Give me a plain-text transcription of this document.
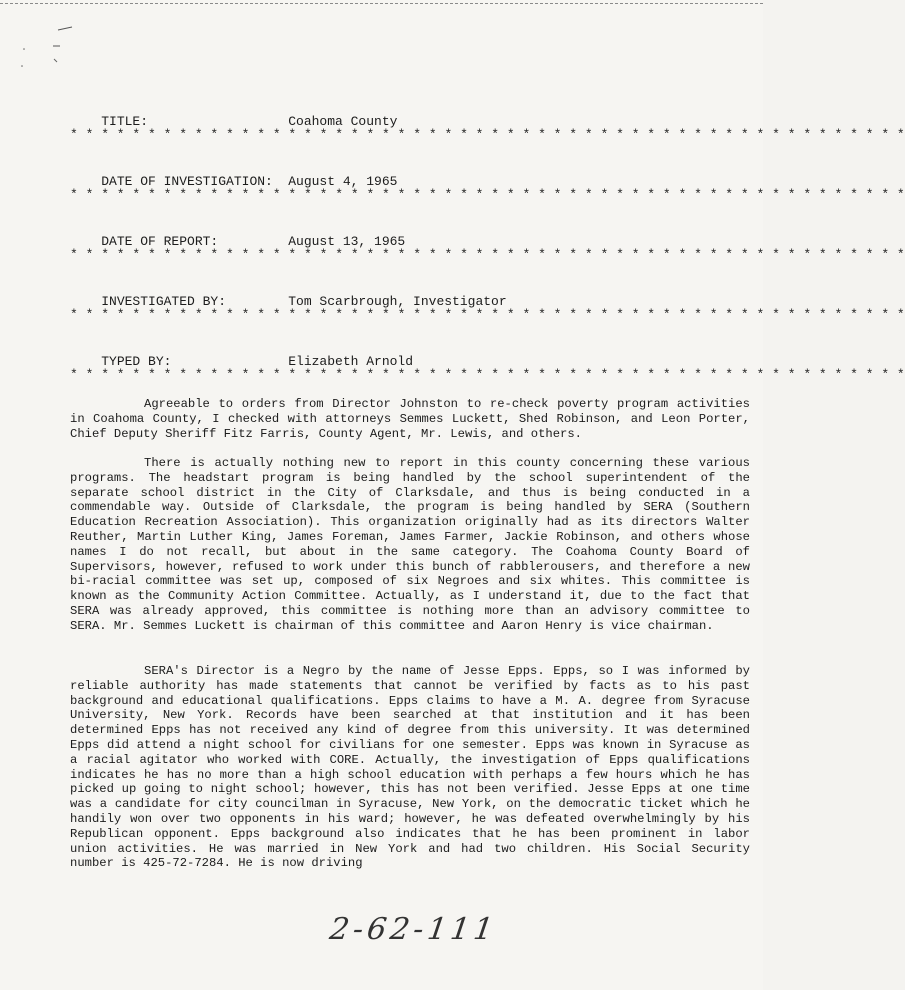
TITLE:	Coahoma County

* * * * * * * * * * * * * * * * * * * * * * * * * * * * * * * * * * * * * * * * * * * * * * * * * * * * * *

DATE OF INVESTIGATION: August 4, 1965

* * * * * * * * * * * * * * * * * * * * * * * * * * * * * * * * * * * * * * * * * * * * * * * * * * * * * *

DATE OF REPORT:	August 13, 1965

* * * * * * * * * * * * * * * * * * * * * * * * * * * * * * * * * * * * * * * * * * * * * * * * * * * * * *

INVESTIGATED BY:	Tom Scarbrough, Investigator

* * * * * * * * * * * * * * * * * * * * * * * * * * * * * * * * * * * * * * * * * * * * * * * * * * * * * *

TYPED BY:	Elizabeth Arnold

* * * * * * * * * * * * * * * * * * * * * * * * * * * * * * * * * * * * * * * * * * * * * * * * * * * * * *

Agreeable to orders from Director Johnston to re-check poverty program activities in Coahoma County, I checked with attorneys Semmes Luckett, Shed Robinson, and Leon Porter, Chief Deputy Sheriff Fitz Farris, County Agent, Mr. Lewis, and others.

There is actually nothing new to report in this county concerning these various programs. The headstart program is being handled by the school superintendent of the separate school district in the City of Clarksdale, and thus is being conducted in a commendable way. Outside of Clarksdale, the program is being handled by SERA (Southern Education Recreation Association). This organization originally had as its directors Walter Reuther, Martin Luther King, James Foreman, James Farmer, Jackie Robinson, and others whose names I do not recall, but about in the same category. The Coahoma County Board of Supervisors, however, refused to work under this bunch of rabblerousers, and therefore a new bi-racial committee was set up, composed of six Negroes and six whites. This committee is known as the Community Action Committee. Actually, as I understand it, due to the fact that SERA was already approved, this committee is nothing more than an advisory committee to SERA. Mr. Semmes Luckett is chairman of this committee and Aaron Henry is vice chairman.

SERA's Director is a Negro by the name of Jesse Epps. Epps, so I was informed by reliable authority has made statements that cannot be verified by facts as to his past background and educational qualifications. Epps claims to have a M. A. degree from Syracuse University, New York. Records have been searched at that institution and it has been determined Epps has not received any kind of degree from this university. It was determined Epps did attend a night school for civilians for one semester. Epps was known in Syracuse as a racial agitator who worked with CORE. Actually, the investigation of Epps qualifications indicates he has no more than a high school education with perhaps a few hours which he has picked up going to night school; however, this has not been verified. Jesse Epps at one time was a candidate for city councilman in Syracuse, New York, on the democratic ticket which he handily won over two opponents in his ward; however, he was defeated overwhelmingly by his Republican opponent. Epps background also indicates that he has been prominent in labor union activities. He was married in New York and had two children. His Social Security number is 425-72-7284. He is now driving

2-62-111
